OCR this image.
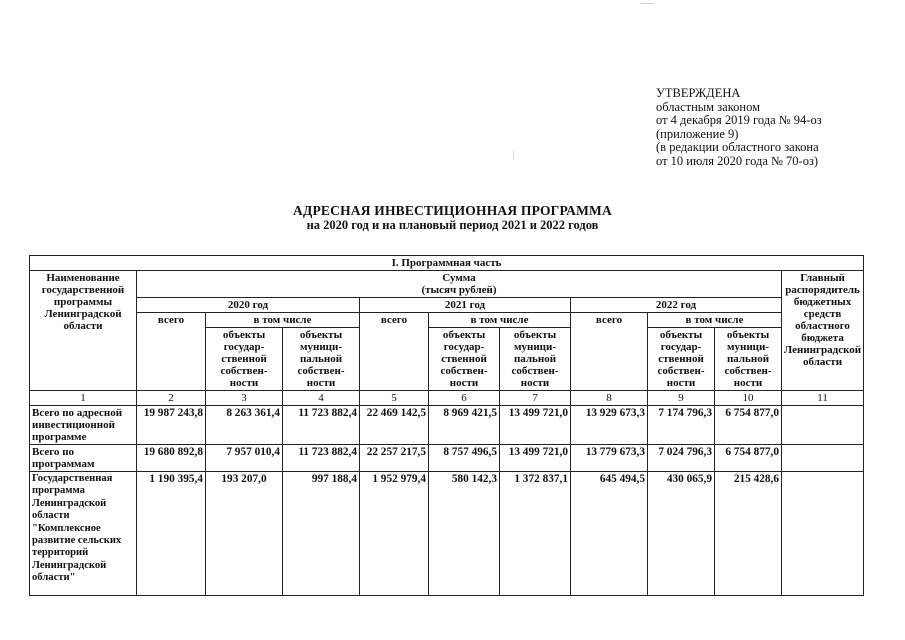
УТВЕРЖДЕНА
областным законом
от 4 декабря 2019 года № 94-оз
(приложение 9)
(в редакции областного закона
от 10 июля 2020 года № 70-оз)
АДРЕСНАЯ ИНВЕСТИЦИОННАЯ ПРОГРАММА
на 2020 год и на плановый период 2021 и 2022 годов
I. Программная часть										
Наименование государственной программы Ленинградской области	Сумма
(тысяч рублей)									Главный распорядитель бюджетных средств областного бюджета Ленинградской области
	2020 год			2021 год			2022 год			
	всего	в том числе		всего	в том числе		всего	в том числе		
		объекты государ-ственной собствен-ности	объекты муници-пальной собствен-ности		объекты государ-ственной собствен-ности	объекты муници-пальной собствен-ности		объекты государ-ственной собствен-ности	объекты муници-пальной собствен-ности	
1	2	3	4	5	6	7	8	9	10	11
Всего по адресной инвестиционной программе	19 987 243,8	8 263 361,4	11 723 882,4	22 469 142,5	8 969 421,5	13 499 721,0	13 929 673,3	7 174 796,3	6 754 877,0	
Всего по программам	19 680 892,8	7 957 010,4	11 723 882,4	22 257 217,5	8 757 496,5	13 499 721,0	13 779 673,3	7 024 796,3	6 754 877,0	
Государственная программа Ленинградской области "Комплексное развитие сельских территорий Ленинградской области"	1 190 395,4	193 207,0	997 188,4	1 952 979,4	580 142,3	1 372 837,1	645 494,5	430 065,9	215 428,6	
